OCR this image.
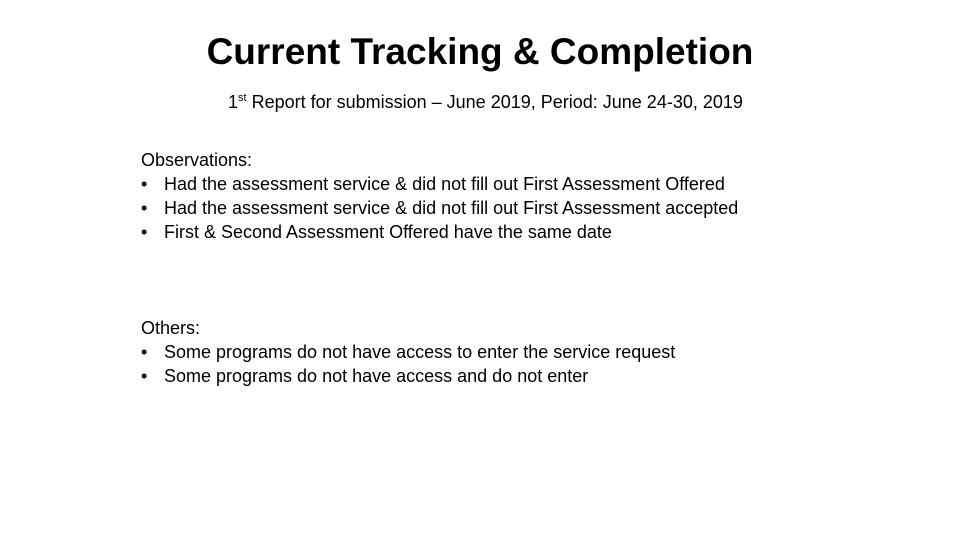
Current Tracking & Completion
1st Report for submission – June 2019, Period: June 24-30, 2019
Observations:
• Had the assessment service & did not fill out First Assessment Offered
• Had the assessment service & did not fill out First Assessment accepted
• First & Second Assessment Offered have the same date
Others:
• Some programs do not have access to enter the service request
• Some programs do not have access and do not enter
